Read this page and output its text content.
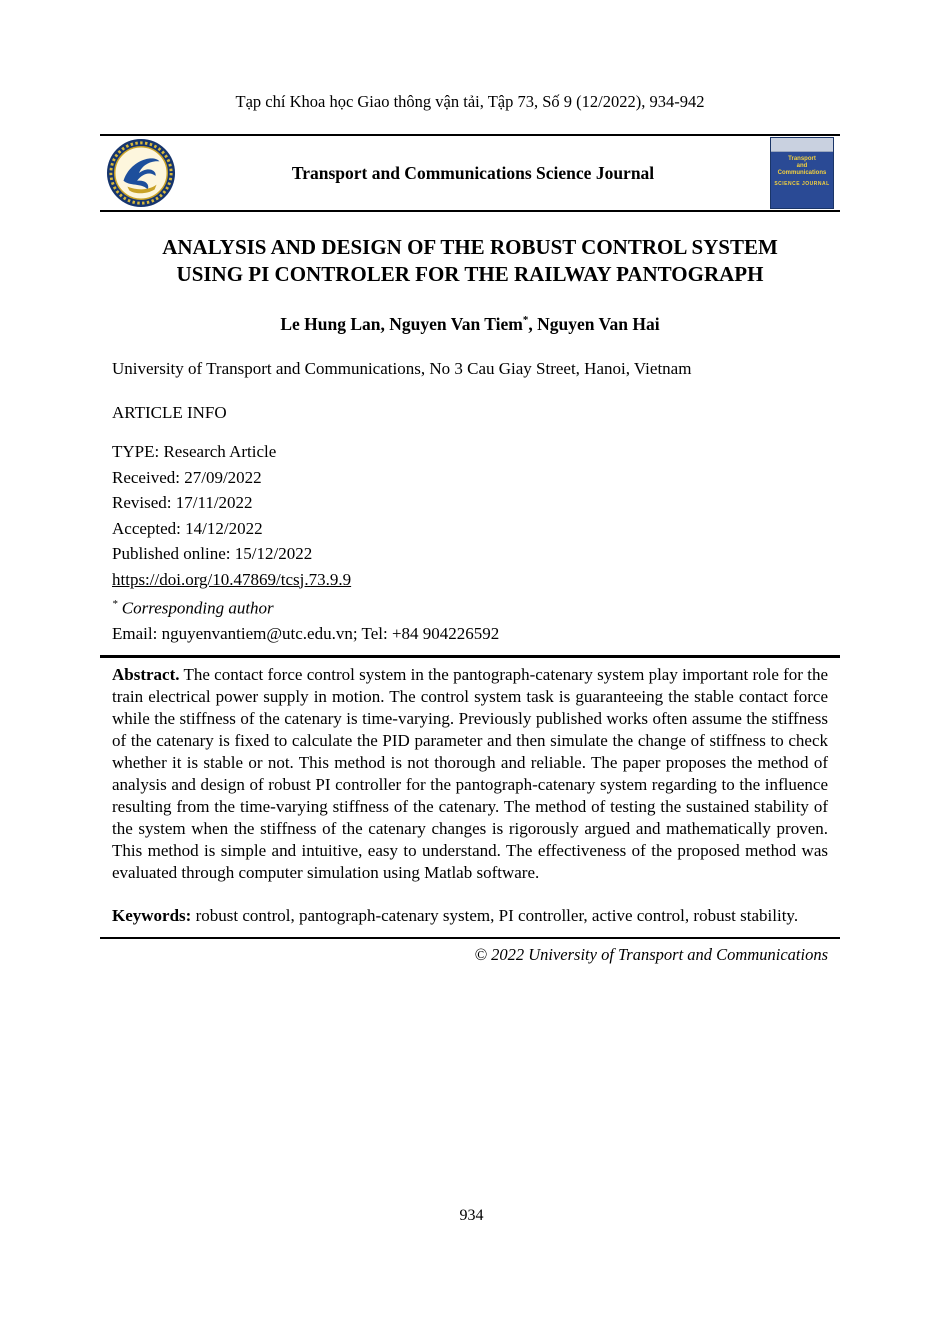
Tạp chí Khoa học Giao thông vận tải, Tập 73, Số 9 (12/2022), 934-942
Transport and Communications Science Journal
Transport
and
Communications
SCIENCE JOURNAL
ANALYSIS AND DESIGN OF THE ROBUST CONTROL SYSTEM
USING PI CONTROLER FOR THE RAILWAY PANTOGRAPH
Le Hung Lan, Nguyen Van Tiem*, Nguyen Van Hai
University of Transport and Communications, No 3 Cau Giay Street, Hanoi, Vietnam
ARTICLE INFO
TYPE: Research Article
Received: 27/09/2022
Revised: 17/11/2022
Accepted: 14/12/2022
Published online: 15/12/2022
https://doi.org/10.47869/tcsj.73.9.9
* Corresponding author
Email: nguyenvantiem@utc.edu.vn; Tel: +84 904226592

Abstract. The contact force control system in the pantograph-catenary system play important role for the train electrical power supply in motion. The control system task is guaranteeing the stable contact force while the stiffness of the catenary is time-varying. Previously published works often assume the stiffness of the catenary is fixed to calculate the PID parameter and then simulate the change of stiffness to check whether it is stable or not. This method is not thorough and reliable. The paper proposes the method of analysis and design of robust PI controller for the pantograph-catenary system regarding to the influence resulting from the time-varying stiffness of the catenary. The method of testing the sustained stability of the system when the stiffness of the catenary changes is rigorously argued and mathematically proven. This method is simple and intuitive, easy to understand. The effectiveness of the proposed method was evaluated through computer simulation using Matlab software.

Keywords: robust control, pantograph-catenary system, PI controller, active control, robust stability.

© 2022 University of Transport and Communications
934
